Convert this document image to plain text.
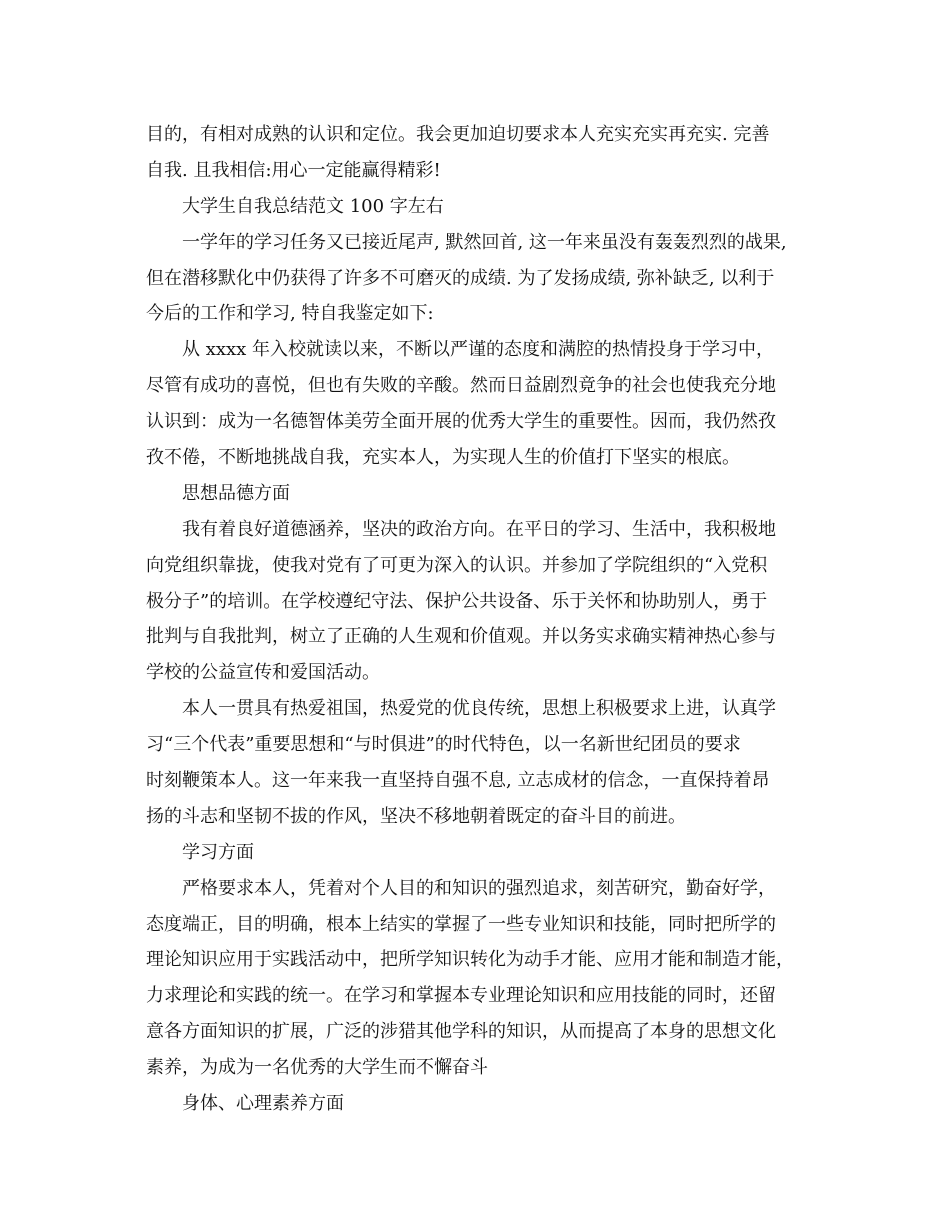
目的，有相对成熟的认识和定位。我会更加迫切要求本人充实充实再充实. 完善
自我. 且我相信:用心一定能赢得精彩!
大学生自我总结范文 100 字左右
一学年的学习任务又已接近尾声, 默然回首, 这一年来虽没有轰轰烈烈的战果,
但在潜移默化中仍获得了许多不可磨灭的成绩. 为了发扬成绩, 弥补缺乏, 以利于
今后的工作和学习, 特自我鉴定如下:
从 xxxx 年入校就读以来，不断以严谨的态度和满腔的热情投身于学习中，
尽管有成功的喜悦，但也有失败的辛酸。然而日益剧烈竟争的社会也使我充分地
认识到：成为一名德智体美劳全面开展的优秀大学生的重要性。因而，我仍然孜
孜不倦，不断地挑战自我，充实本人，为实现人生的价值打下坚实的根底。
思想品德方面
我有着良好道德涵养，坚决的政治方向。在平日的学习、生活中，我积极地
向党组织靠拢，使我对党有了可更为深入的认识。并参加了学院组织的“入党积
极分子”的培训。在学校遵纪守法、保护公共设备、乐于关怀和协助别人，勇于
批判与自我批判，树立了正确的人生观和价值观。并以务实求确实精神热心参与
学校的公益宣传和爱国活动。
本人一贯具有热爱祖国，热爱党的优良传统，思想上积极要求上进，认真学
习“三个代表”重要思想和“与时俱进”的时代特色，以一名新世纪团员的要求
时刻鞭策本人。这一年来我一直坚持自强不息, 立志成材的信念，一直保持着昂
扬的斗志和坚韧不拔的作风，坚决不移地朝着既定的奋斗目的前进。
学习方面
严格要求本人，凭着对个人目的和知识的强烈追求，刻苦研究，勤奋好学，
态度端正，目的明确，根本上结实的掌握了一些专业知识和技能，同时把所学的
理论知识应用于实践活动中，把所学知识转化为动手才能、应用才能和制造才能，
力求理论和实践的统一。在学习和掌握本专业理论知识和应用技能的同时，还留
意各方面知识的扩展，广泛的涉猎其他学科的知识，从而提高了本身的思想文化
素养，为成为一名优秀的大学生而不懈奋斗
身体、心理素养方面
